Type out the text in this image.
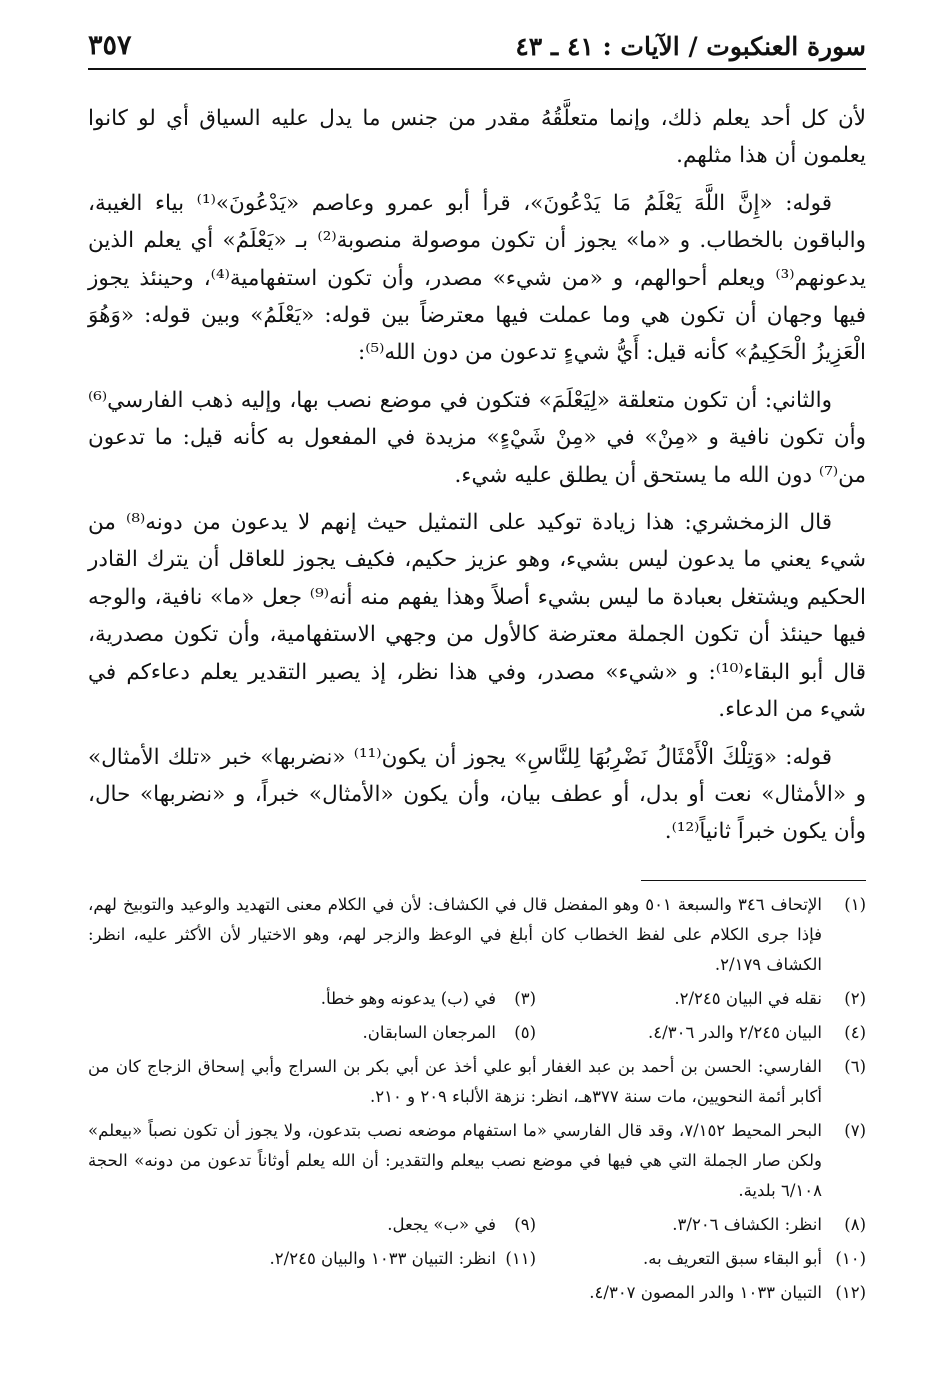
سورة العنكبوت / الآيات : ٤١ ـ ٤٣
٣٥٧

لأن كل أحد يعلم ذلك، وإنما متعلَّقُهُ مقدر من جنس ما يدل عليه السياق أي لو كانوا يعلمون أن هذا مثلهم.

قوله: «إِنَّ اللَّهَ يَعْلَمُ مَا يَدْعُونَ»، قرأ أبو عمرو وعاصم «يَدْعُونَ»⁽¹⁾ بياء الغيبة، والباقون بالخطاب. و «ما» يجوز أن تكون موصولة منصوبة⁽²⁾ بـ «يَعْلَمُ» أي يعلم الذين يدعونهم⁽³⁾ ويعلم أحوالهم، و «من شيء» مصدر، وأن تكون استفهامية⁽⁴⁾، وحينئذ يجوز فيها وجهان أن تكون هي وما عملت فيها معترضاً بين قوله: «يَعْلَمُ» وبين قوله: «وَهُوَ الْعَزِيزُ الْحَكِيمُ» كأنه قيل: أَيُّ شيءٍ تدعون من دون الله⁽⁵⁾:

والثاني: أن تكون متعلقة «لِيَعْلَمَ» فتكون في موضع نصب بها، وإليه ذهب الفارسي⁽⁶⁾ وأن تكون نافية و «مِنْ» في «مِنْ شَيْءٍ» مزيدة في المفعول به كأنه قيل: ما تدعون من⁽⁷⁾ دون الله ما يستحق أن يطلق عليه شيء.

قال الزمخشري: هذا زيادة توكيد على التمثيل حيث إنهم لا يدعون من دونه⁽⁸⁾ من شيء يعني ما يدعون ليس بشيء، وهو عزيز حكيم، فكيف يجوز للعاقل أن يترك القادر الحكيم ويشتغل بعبادة ما ليس بشيء أصلاً وهذا يفهم منه أنه⁽⁹⁾ جعل «ما» نافية، والوجه فيها حينئذ أن تكون الجملة معترضة كالأول من وجهي الاستفهامية، وأن تكون مصدرية، قال أبو البقاء⁽¹⁰⁾: و «شيء» مصدر، وفي هذا نظر، إذ يصير التقدير يعلم دعاءكم في شيء من الدعاء.

قوله: «وَتِلْكَ الْأَمْثَالُ نَضْرِبُهَا لِلنَّاسِ» يجوز أن يكون⁽¹¹⁾ «نضربها» خبر «تلك الأمثال» و «الأمثال» نعت أو بدل، أو عطف بيان، وأن يكون «الأمثال» خبراً، و «نضربها» حال، وأن يكون خبراً ثانياً⁽¹²⁾.

(١)
الإتحاف ٣٤٦ والسبعة ٥٠١ وهو المفضل قال في الكشاف: لأن في الكلام معنى التهديد والوعيد والتوبيخ لهم، فإذا جرى الكلام على لفظ الخطاب كان أبلغ في الوعظ والزجر لهم، وهو الاختيار لأن الأكثر عليه، انظر: الكشاف ٢/١٧٩.
(٢)
نقله في البيان ٢/٢٤٥.
(٣)
في (ب) يدعونه وهو خطأ.
(٤)
البيان ٢/٢٤٥ والدر ٤/٣٠٦.
(٥)
المرجعان السابقان.
(٦)
الفارسي: الحسن بن أحمد بن عبد الغفار أبو علي أخذ عن أبي بكر بن السراج وأبي إسحاق الزجاج كان من أكابر أئمة النحويين، مات سنة ٣٧٧هـ، انظر: نزهة الألباء ٢٠٩ و ٢١٠.
(٧)
البحر المحيط ٧/١٥٢، وقد قال الفارسي «ما استفهام موضعه نصب بتدعون، ولا يجوز أن تكون نصباً «بيعلم» ولكن صار الجملة التي هي فيها في موضع نصب بيعلم والتقدير: أن الله يعلم أوثاناً تدعون من دونه» الحجة ٦/١٠٨ بلدية.
(٨)
انظر: الكشاف ٣/٢٠٦.
(٩)
في «ب» يجعل.
(١٠)
أبو البقاء سبق التعريف به.
(١١)
انظر: التبيان ١٠٣٣ والبيان ٢/٢٤٥.
(١٢)
التبيان ١٠٣٣ والدر المصون ٤/٣٠٧.
